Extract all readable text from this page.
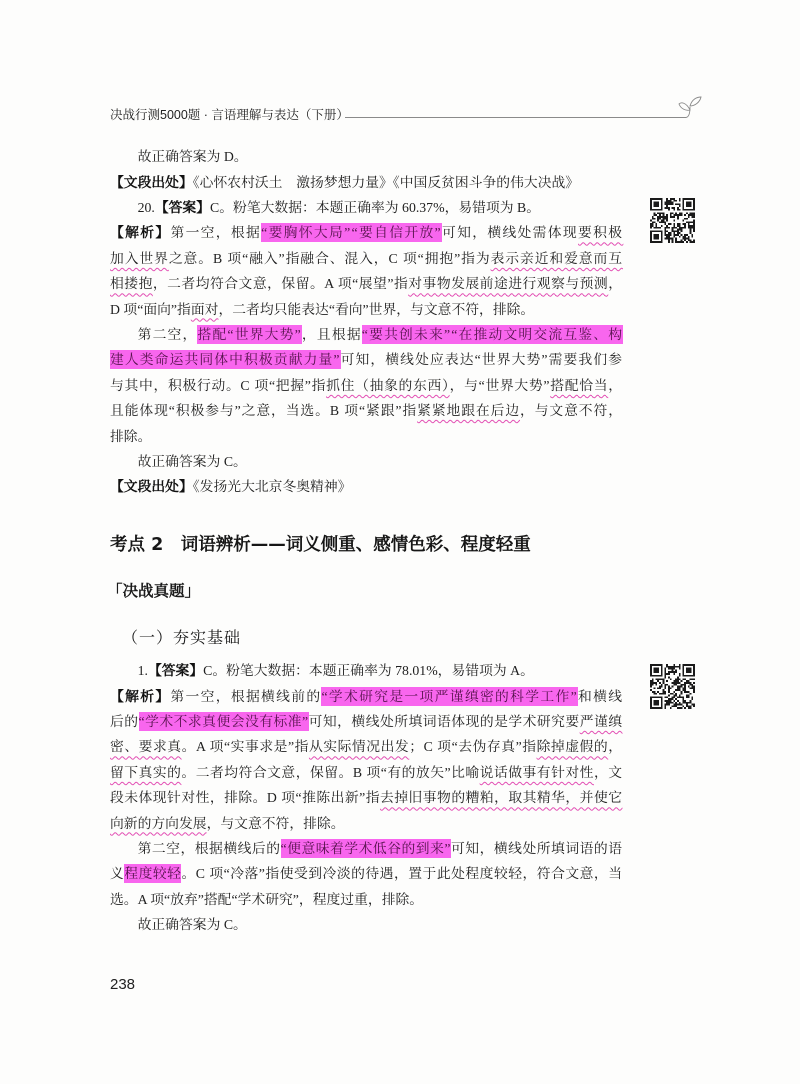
决战行测5000题 · 言语理解与表达（下册）
故正确答案为 D。
【文段出处】《心怀农村沃土　激扬梦想力量》《中国反贫困斗争的伟大决战》
20.【答案】C。粉笔大数据：本题正确率为 60.37%，易错项为 B。
【解析】第一空，根据“要胸怀大局”“要自信开放”可知，横线处需体现要积极
加入世界之意。B 项“融入”指融合、混入，C 项“拥抱”指为表示亲近和爱意而互
相搂抱，二者均符合文意，保留。A 项“展望”指对事物发展前途进行观察与预测，
D 项“面向”指面对，二者均只能表达“看向”世界，与文意不符，排除。
第二空，搭配“世界大势”，且根据“要共创未来”“在推动文明交流互鉴、构
建人类命运共同体中积极贡献力量”可知，横线处应表达“世界大势”需要我们参
与其中，积极行动。C 项“把握”指抓住（抽象的东西），与“世界大势”搭配恰当，
且能体现“积极参与”之意，当选。B 项“紧跟”指紧紧地跟在后边，与文意不符，
排除。
故正确答案为 C。
【文段出处】《发扬光大北京冬奥精神》
考点 2　词语辨析——词义侧重、感情色彩、程度轻重
「决战真题」
（一）夯实基础
1.【答案】C。粉笔大数据：本题正确率为 78.01%，易错项为 A。
【解析】第一空，根据横线前的“学术研究是一项严谨缜密的科学工作”和横线
后的“学术不求真便会没有标准”可知，横线处所填词语体现的是学术研究要严谨缜
密、要求真。A 项“实事求是”指从实际情况出发；C 项“去伪存真”指除掉虚假的，
留下真实的。二者均符合文意，保留。B 项“有的放矢”比喻说话做事有针对性，文
段未体现针对性，排除。D 项“推陈出新”指去掉旧事物的糟粕，取其精华，并使它
向新的方向发展，与文意不符，排除。
第二空，根据横线后的“便意味着学术低谷的到来”可知，横线处所填词语的语
义程度较轻。C 项“冷落”指使受到冷淡的待遇，置于此处程度较轻，符合文意，当
选。A 项“放弃”搭配“学术研究”，程度过重，排除。
故正确答案为 C。
238
